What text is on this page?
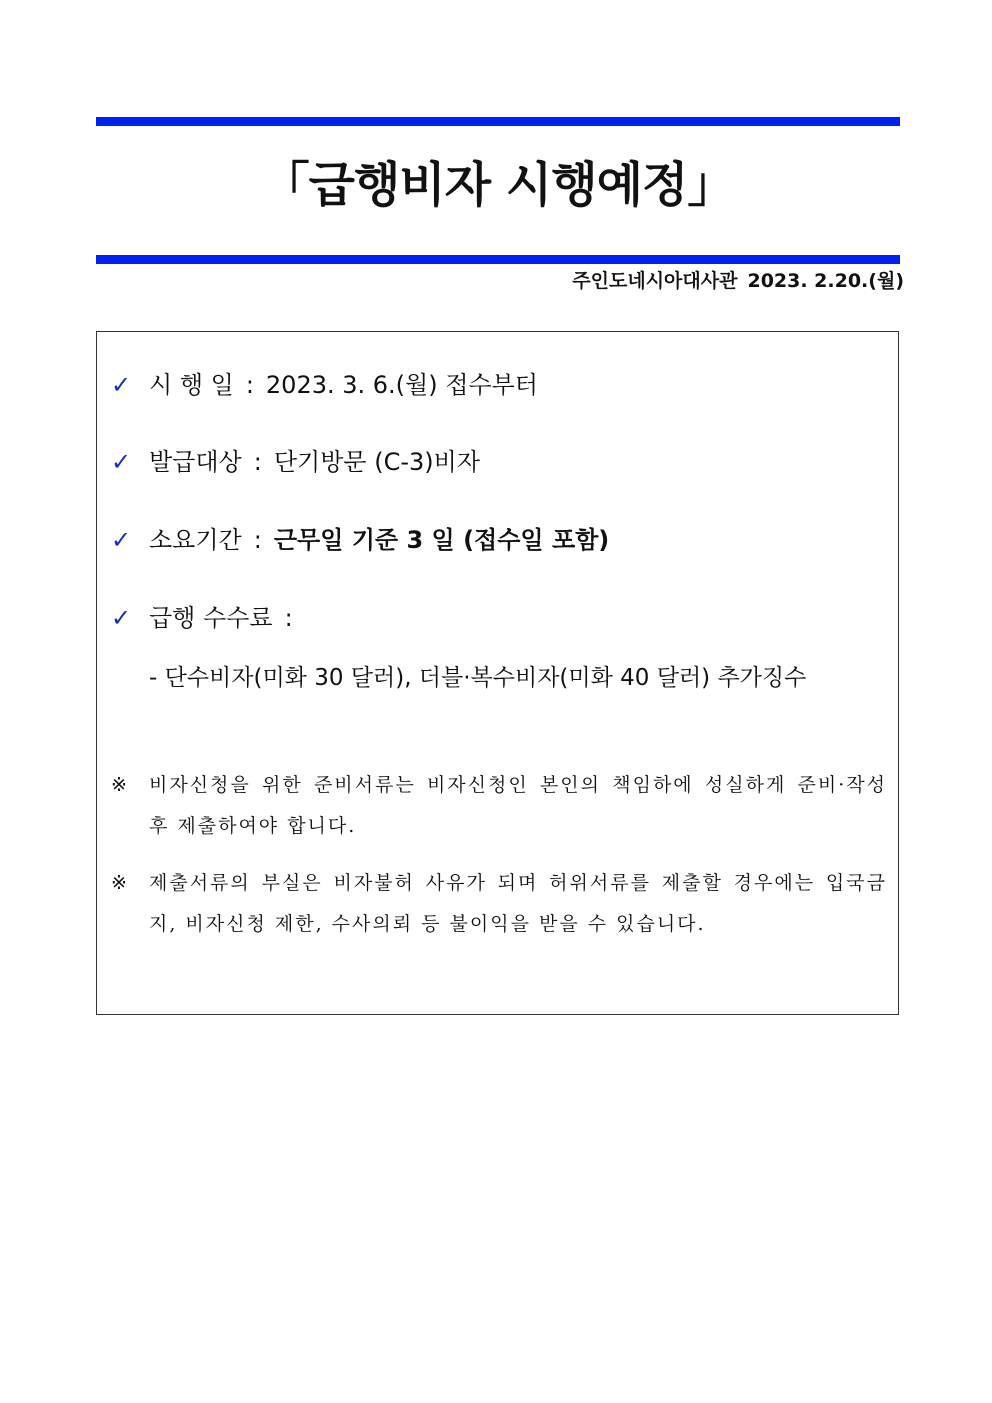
「급행비자 시행예정」
주인도네시아대사관 2023. 2.20.(월)
✓ 시 행 일 : 2023. 3. 6.(월) 접수부터
✓ 발급대상 : 단기방문 (C-3)비자
✓ 소요기간 : 근무일 기준 3 일 (접수일 포함)
✓ 급행 수수료 :
- 단수비자(미화 30 달러), 더블·복수비자(미화 40 달러) 추가징수
※	비자신청을 위한 준비서류는 비자신청인 본인의 책임하에 성실하게 준비·작성 후 제출하여야 합니다.
※	제출서류의 부실은 비자불허 사유가 되며 허위서류를 제출할 경우에는 입국금지, 비자신청 제한, 수사의뢰 등 불이익을 받을 수 있습니다.
